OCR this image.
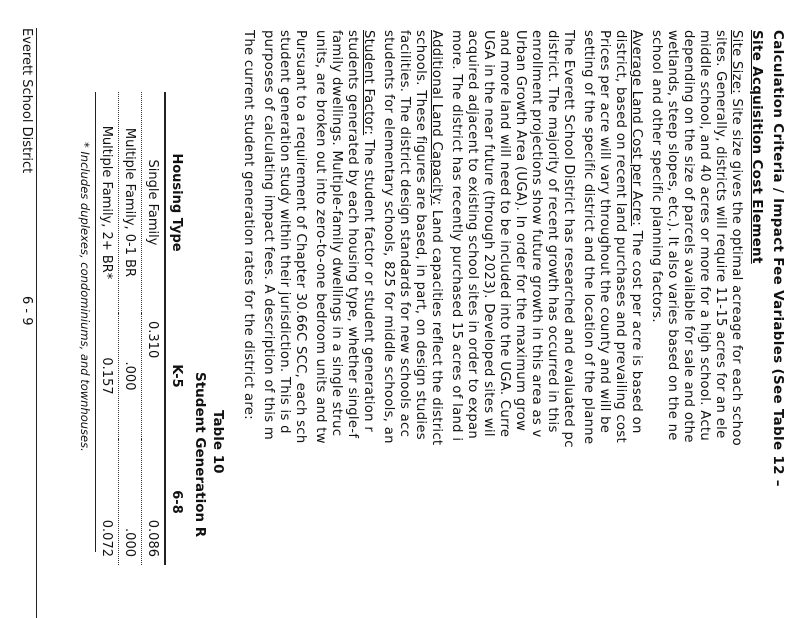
Calculation Criteria / Impact Fee Variables (See Table 12 –
Site Acquisition Cost Element
Site Size: Site size gives the optimal acreage for each schoo
sites. Generally, districts will require 11-15 acres for an ele
middle school, and 40 acres or more for a high school. Actu
depending on the size of parcels available for sale and othe
wetlands, steep slopes, etc.). It also varies based on the ne
school and other specific planning factors.
Average Land Cost per Acre: The cost per acre is based on
district, based on recent land purchases and prevailing cost
Prices per acre will vary throughout the county and will be
setting of the specific district and the location of the planne
The Everett School District has researched and evaluated pc
district. The majority of recent growth has occurred in this
enrollment projections show future growth in this area as v
Urban Growth Area (UGA). In order for the maximum grow
and more land will need to be included into the UGA. Curre
UGA in the near future (through 2023). Developed sites wil
acquired adjacent to existing school sites in order to expan
more. The district has recently purchased 15 acres of land i
Additional Land Capacity: Land capacities reflect the district
schools. These figures are based, in part, on design studies
facilities. The district design standards for new schools acc
students for elementary schools, 825 for middle schools, an
Student Factor: The student factor or student generation r
students generated by each housing type, whether single-f
family dwellings. Multiple-family dwellings in a single struc
units, are broken out into zero-to-one bedroom units and tw
Pursuant to a requirement of Chapter 30.66C SCC, each sch
student generation study within their jurisdiction. This is d
purposes of calculating impact fees. A description of this m
The current student generation rates for the district are:
Table 10
Student Generation R
Housing Type	K-5	6-8
Single Family	0.310	0.086
Multiple Family, 0-1 BR	.000	.000
Multiple Family, 2+ BR*	0.157	0.072
* Includes duplexes, condominiums, and townhouses.
Everett School District
6 - 9
